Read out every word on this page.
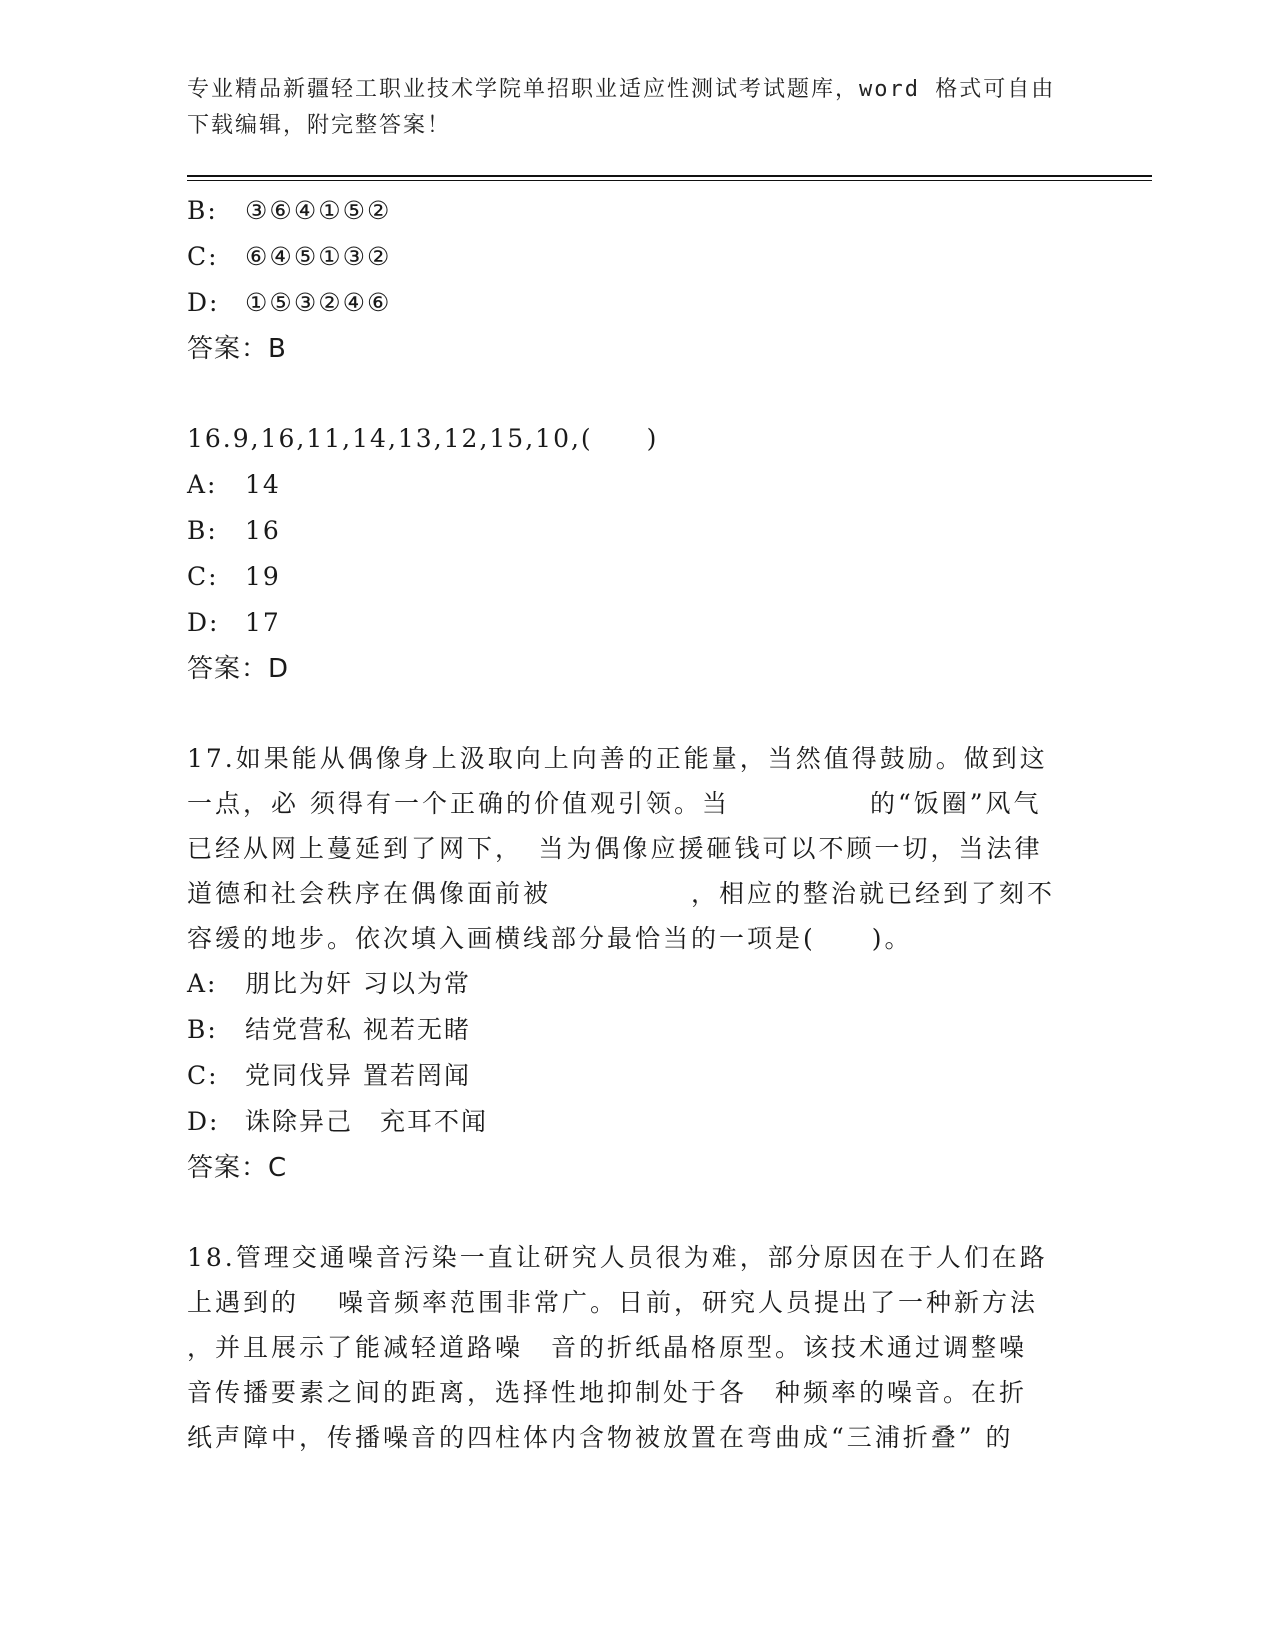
专业精品新疆轻工职业技术学院单招职业适应性测试考试题库，word 格式可自由
下载编辑，附完整答案！
B: ③⑥④①⑤②
C: ⑥④⑤①③②
D: ①⑤③②④⑥
答案：B
16.9,16,11,14,13,12,15,10,(　　)
A: 14
B: 16
C: 19
D: 17
答案：D
17.如果能从偶像身上汲取向上向善的正能量，当然值得鼓励。做到这
一点，必 须得有一个正确的价值观引领。当　　　　　的“饭圈”风气
已经从网上蔓延到了网下，　当为偶像应援砸钱可以不顾一切，当法律
道德和社会秩序在偶像面前被　　　　　，相应的整治就已经到了刻不
容缓的地步。依次填入画横线部分最恰当的一项是(　　)。
A: 朋比为奸 习以为常
B: 结党营私 视若无睹
C: 党同伐异 置若罔闻
D: 诛除异己　充耳不闻
答案：C
18.管理交通噪音污染一直让研究人员很为难，部分原因在于人们在路
上遇到的　 噪音频率范围非常广。日前，研究人员提出了一种新方法
，并且展示了能减轻道路噪　音的折纸晶格原型。该技术通过调整噪
音传播要素之间的距离，选择性地抑制处于各　种频率的噪音。在折
纸声障中，传播噪音的四柱体内含物被放置在弯曲成“三浦折叠” 的
